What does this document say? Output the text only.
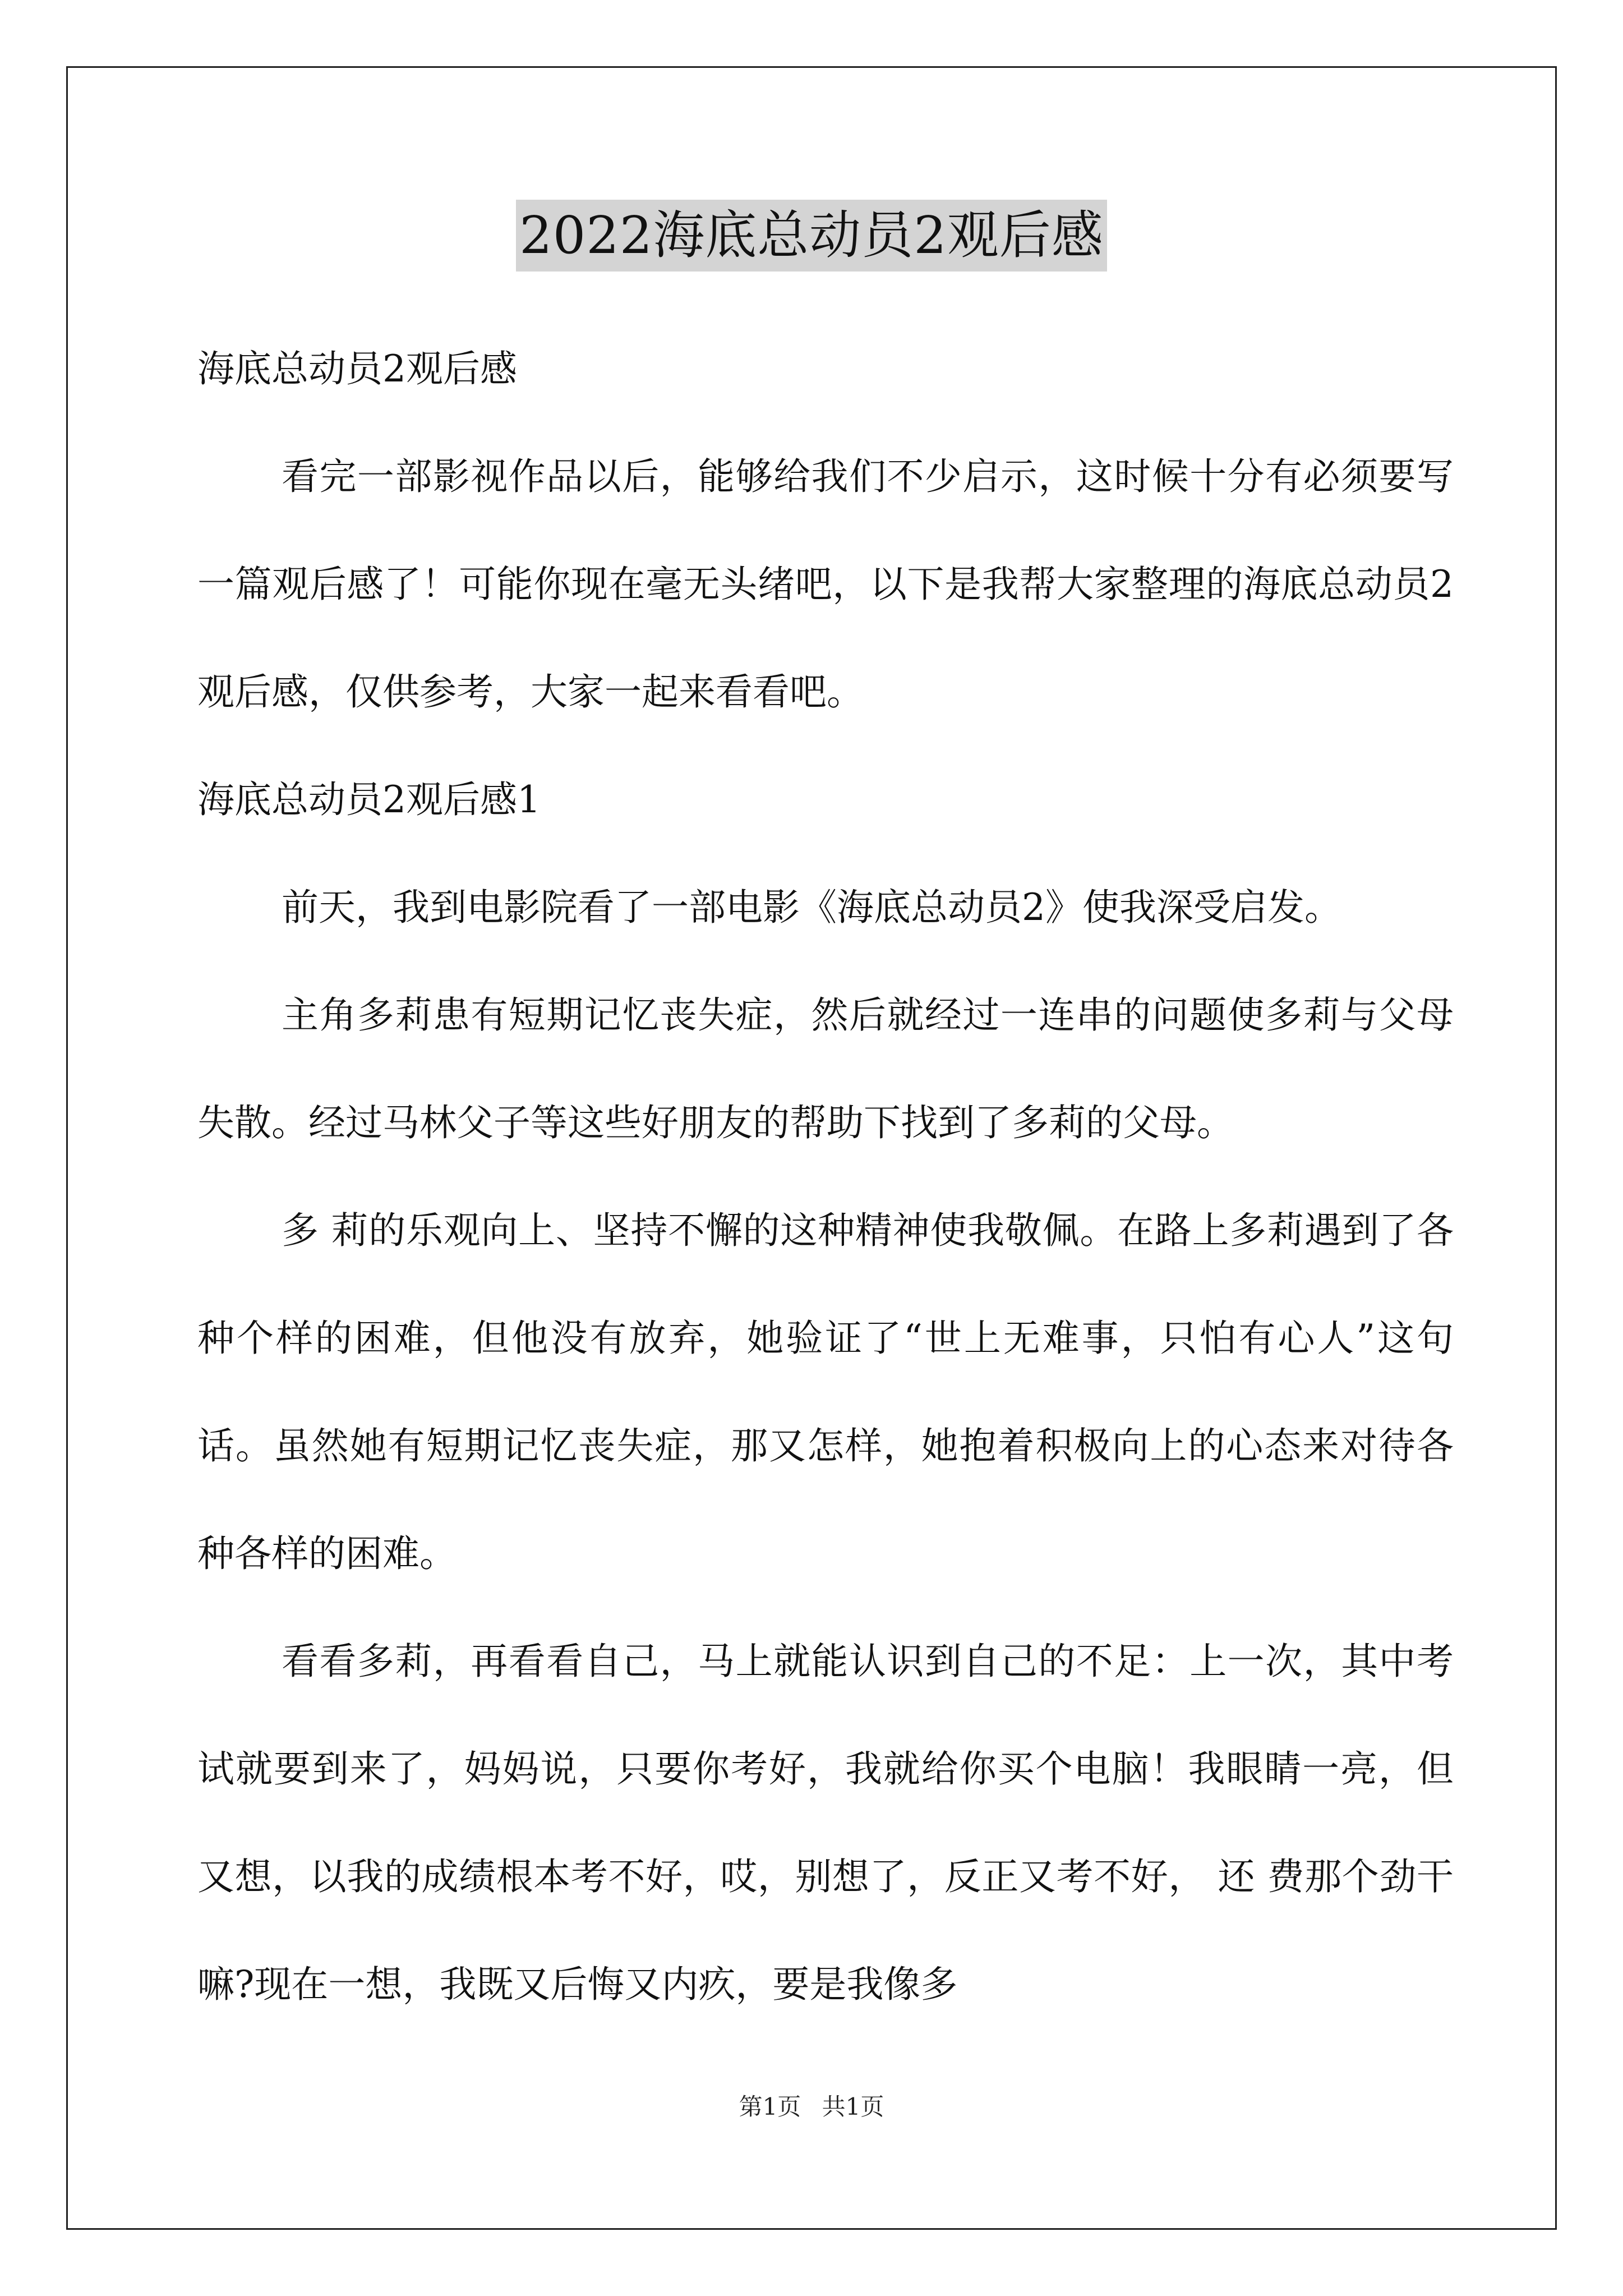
2022海底总动员2观后感

海底总动员2观后感

看完一部影视作品以后，能够给我们不少启示，这时候十分有必须要写一篇观后感了！可能你现在毫无头绪吧，以下是我帮大家整理的海底总动员2观后感，仅供参考，大家一起来看看吧。

海底总动员2观后感1

前天，我到电影院看了一部电影《海底总动员2》使我深受启发。

主角多莉患有短期记忆丧失症，然后就经过一连串的问题使多莉与父母失散。经过马林父子等这些好朋友的帮助下找到了多莉的父母。

多 莉的乐观向上、坚持不懈的这种精神使我敬佩。在路上多莉遇到了各种个样的困难，但他没有放弃，她验证了“世上无难事，只怕有心人”这句话。虽然她有短期记忆丧失症，那又怎样，她抱着积极向上的心态来对待各种各样的困难。

看看多莉，再看看自己，马上就能认识到自己的不足：上一次，其中考试就要到来了，妈妈说，只要你考好，我就给你买个电脑！我眼睛一亮，但又想，以我的成绩根本考不好，哎，别想了，反正又考不好， 还 费那个劲干嘛?现在一想，我既又后悔又内疚，要是我像多

第1页 共1页
